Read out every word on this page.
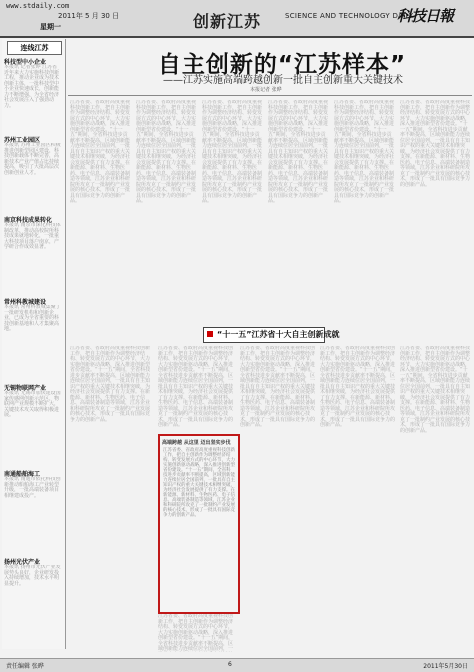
www.stdaily.com
2011年 5 月 30 日
星期一	创新江苏	SCIENCE AND TECHNOLOGY DAILY
科技日報
连线江苏
科技型中小企业
本报讯 记者张晔 江苏省近年来大力实施科技创新工程，推动企业成为技术创新主体，一批科技型中小企业快速成长，创新能力不断增强，为全省经济社会发展注入了强劲动力。
苏州工业园区
本报讯 苏州工业园区积极推进创新型园区建设，科技创新载体不断完善，高新技术产业产值占比持续提高，吸引了大批高层次创新创业人才。
南京科技成果转化
本报讯 南京市深化科技体制改革，推动高校院所科技成果就地转化，一批重大科技项目落户南京，产学研合作成效显著。
常州科教城建设
本报讯 常州科教城集聚了一批研发机构和创新企业，已成为全省重要的科技创新基地和人才集聚高地。
无锡物联网产业
本报讯 无锡市加快建设国家传感网创新示范区，物联网产业规模不断扩大，关键技术攻关取得积极进展。
南通船舶海工
本报讯 南通市依托科技创新推动船舶海工产业转型升级，一批高端装备项目相继建成投产。
扬州光伏产业
本报讯 扬州市光伏产业发展势头良好，企业研发投入持续增加，技术水平明显提升。
自主创新的“江苏样本”
——江苏实施高端跨越创新一批自主创新重大关键技术
本报记者 张晔
江苏省委、省政府高度重视科技创新工作，把自主创新作为调整经济结构、转变发展方式的中心环节，大力实施创新驱动战略，深入推进创新型省份建设。“十一五”期间，全省科技进步贡献率不断提高，区域创新能力连续位居全国前列，一批具有自主知识产权的重大关键技术相继突破，为经济社会发展提供了有力支撑。在新能源、新材料、生物医药、电子信息、高端装备制造等领域，江苏企业和科研院所攻克了一批制约产业发展的核心技术，形成了一批具有国际竞争力的创新产品。
江苏省委、省政府高度重视科技创新工作，把自主创新作为调整经济结构、转变发展方式的中心环节，大力实施创新驱动战略，深入推进创新型省份建设。“十一五”期间，全省科技进步贡献率不断提高，区域创新能力连续位居全国前列，一批具有自主知识产权的重大关键技术相继突破，为经济社会发展提供了有力支撑。在新能源、新材料、生物医药、电子信息、高端装备制造等领域，江苏企业和科研院所攻克了一批制约产业发展的核心技术，形成了一批具有国际竞争力的创新产品。
江苏省委、省政府高度重视科技创新工作，把自主创新作为调整经济结构、转变发展方式的中心环节，大力实施创新驱动战略，深入推进创新型省份建设。“十一五”期间，全省科技进步贡献率不断提高，区域创新能力连续位居全国前列，一批具有自主知识产权的重大关键技术相继突破，为经济社会发展提供了有力支撑。在新能源、新材料、生物医药、电子信息、高端装备制造等领域，江苏企业和科研院所攻克了一批制约产业发展的核心技术，形成了一批具有国际竞争力的创新产品。
江苏省委、省政府高度重视科技创新工作，把自主创新作为调整经济结构、转变发展方式的中心环节，大力实施创新驱动战略，深入推进创新型省份建设。“十一五”期间，全省科技进步贡献率不断提高，区域创新能力连续位居全国前列，一批具有自主知识产权的重大关键技术相继突破，为经济社会发展提供了有力支撑。在新能源、新材料、生物医药、电子信息、高端装备制造等领域，江苏企业和科研院所攻克了一批制约产业发展的核心技术，形成了一批具有国际竞争力的创新产品。
江苏省委、省政府高度重视科技创新工作，把自主创新作为调整经济结构、转变发展方式的中心环节，大力实施创新驱动战略，深入推进创新型省份建设。“十一五”期间，全省科技进步贡献率不断提高，区域创新能力连续位居全国前列，一批具有自主知识产权的重大关键技术相继突破，为经济社会发展提供了有力支撑。在新能源、新材料、生物医药、电子信息、高端装备制造等领域，江苏企业和科研院所攻克了一批制约产业发展的核心技术，形成了一批具有国际竞争力的创新产品。
江苏省委、省政府高度重视科技创新工作，把自主创新作为调整经济结构、转变发展方式的中心环节，大力实施创新驱动战略，深入推进创新型省份建设。“十一五”期间，全省科技进步贡献率不断提高，区域创新能力连续位居全国前列，一批具有自主知识产权的重大关键技术相继突破，为经济社会发展提供了有力支撑。在新能源、新材料、生物医药、电子信息、高端装备制造等领域，江苏企业和科研院所攻克了一批制约产业发展的核心技术，形成了一批具有国际竞争力的创新产品。
“十一五”江苏省十大自主创新成就
江苏省委、省政府高度重视科技创新工作，把自主创新作为调整经济结构、转变发展方式的中心环节，大力实施创新驱动战略，深入推进创新型省份建设。“十一五”期间，全省科技进步贡献率不断提高，区域创新能力连续位居全国前列，一批具有自主知识产权的重大关键技术相继突破，为经济社会发展提供了有力支撑。在新能源、新材料、生物医药、电子信息、高端装备制造等领域，江苏企业和科研院所攻克了一批制约产业发展的核心技术，形成了一批具有国际竞争力的创新产品。
江苏省委、省政府高度重视科技创新工作，把自主创新作为调整经济结构、转变发展方式的中心环节，大力实施创新驱动战略，深入推进创新型省份建设。“十一五”期间，全省科技进步贡献率不断提高，区域创新能力连续位居全国前列，一批具有自主知识产权的重大关键技术相继突破，为经济社会发展提供了有力支撑。在新能源、新材料、生物医药、电子信息、高端装备制造等领域，江苏企业和科研院所攻克了一批制约产业发展的核心技术，形成了一批具有国际竞争力的创新产品。
江苏省委、省政府高度重视科技创新工作，把自主创新作为调整经济结构、转变发展方式的中心环节，大力实施创新驱动战略，深入推进创新型省份建设。“十一五”期间，全省科技进步贡献率不断提高，区域创新能力连续位居全国前列，一批具有自主知识产权的重大关键技术相继突破，为经济社会发展提供了有力支撑。在新能源、新材料、生物医药、电子信息、高端装备制造等领域，江苏企业和科研院所攻克了一批制约产业发展的核心技术，形成了一批具有国际竞争力的创新产品。
江苏省委、省政府高度重视科技创新工作，把自主创新作为调整经济结构、转变发展方式的中心环节，大力实施创新驱动战略，深入推进创新型省份建设。“十一五”期间，全省科技进步贡献率不断提高，区域创新能力连续位居全国前列，一批具有自主知识产权的重大关键技术相继突破，为经济社会发展提供了有力支撑。在新能源、新材料、生物医药、电子信息、高端装备制造等领域，江苏企业和科研院所攻克了一批制约产业发展的核心技术，形成了一批具有国际竞争力的创新产品。
江苏省委、省政府高度重视科技创新工作，把自主创新作为调整经济结构、转变发展方式的中心环节，大力实施创新驱动战略，深入推进创新型省份建设。“十一五”期间，全省科技进步贡献率不断提高，区域创新能力连续位居全国前列，一批具有自主知识产权的重大关键技术相继突破，为经济社会发展提供了有力支撑。在新能源、新材料、生物医药、电子信息、高端装备制造等领域，江苏企业和科研院所攻克了一批制约产业发展的核心技术，形成了一批具有国际竞争力的创新产品。
高端跨越 从这里 迈出坚实步伐
江苏省委、省政府高度重视科技创新工作，把自主创新作为调整经济结构、转变发展方式的中心环节，大力实施创新驱动战略，深入推进创新型省份建设。“十一五”期间，全省科技进步贡献率不断提高，区域创新能力连续位居全国前列，一批具有自主知识产权的重大关键技术相继突破，为经济社会发展提供了有力支撑。在新能源、新材料、生物医药、电子信息、高端装备制造等领域，江苏企业和科研院所攻克了一批制约产业发展的核心技术，形成了一批具有国际竞争力的创新产品。
江苏省委、省政府高度重视科技创新工作，把自主创新作为调整经济结构、转变发展方式的中心环节，大力实施创新驱动战略，深入推进创新型省份建设。“十一五”期间，全省科技进步贡献率不断提高，区域创新能力连续位居全国前列，一
责任编辑 张晔	6	2011年5月30日
